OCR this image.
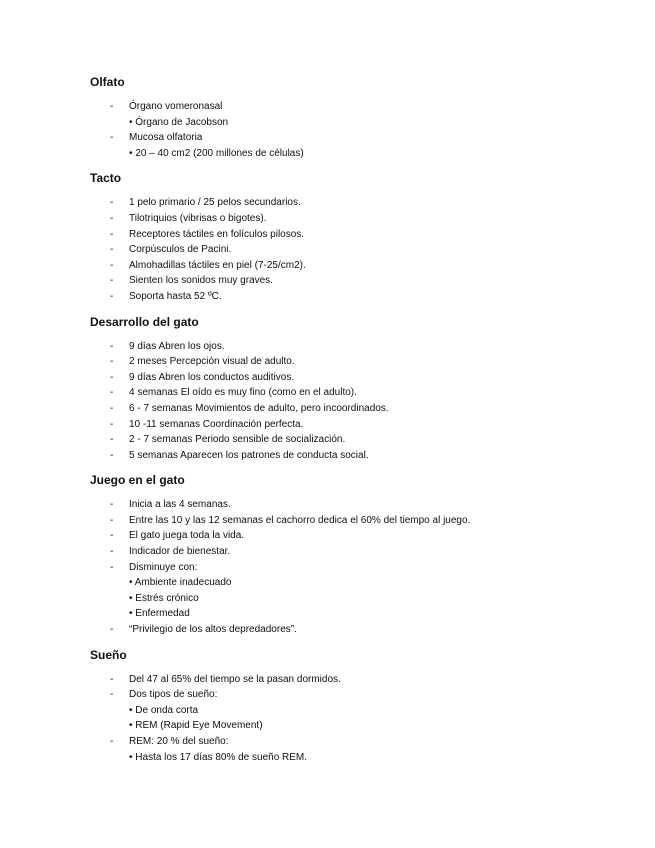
Olfato
- Órgano vomeronasal
• Órgano de Jacobson
- Mucosa olfatoria
• 20 – 40 cm2 (200 millones de células)
Tacto
- 1 pelo primario / 25 pelos secundarios.
- Tilotriquios (vibrisas o bigotes).
- Receptores táctiles en folículos pilosos.
- Corpúsculos de Pacini.
- Almohadillas táctiles en piel (7-25/cm2).
- Sienten los sonidos muy graves.
- Soporta hasta 52 ºC.
Desarrollo del gato
- 9 días Abren los ojos.
- 2 meses Percepción visual de adulto.
- 9 días Abren los conductos auditivos.
- 4 semanas El oído es muy fino (como en el adulto).
- 6 - 7 semanas Movimientos de adulto, pero incoordinados.
- 10 -11 semanas Coordinación perfecta.
- 2 - 7 semanas Periodo sensible de socialización.
- 5 semanas Aparecen los patrones de conducta social.
Juego en el gato
- Inicia a las 4 semanas.
- Entre las 10 y las 12 semanas el cachorro dedica el 60% del tiempo al juego.
- El gato juega toda la vida.
- Indicador de bienestar.
- Disminuye con:
• Ambiente inadecuado
• Estrés crónico
• Enfermedad
- “Privilegio de los altos depredadores”.
Sueño
- Del 47 al 65% del tiempo se la pasan dormidos.
- Dos tipos de sueño:
• De onda corta
• REM (Rapid Eye Movement)
- REM: 20 % del sueño:
• Hasta los 17 días 80% de sueño REM.
